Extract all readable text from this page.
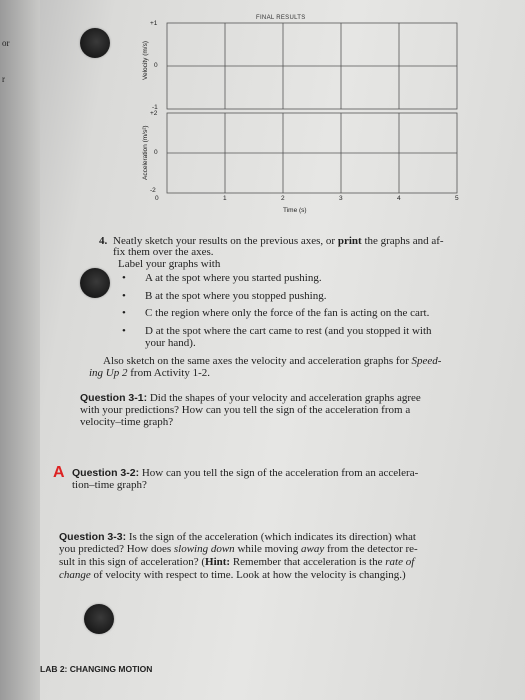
or
r
FINAL RESULTS
Velocity (m/s)
+1
0
-1
Acceleration (m/s²)
+2
0
-2
0	1	2	3	4	5
Time (s)
4. Neatly sketch your results on the previous axes, or print the graphs and af-
fix them over the axes.
Label your graphs with
• A at the spot where you started pushing.
• B at the spot where you stopped pushing.
• C the region where only the force of the fan is acting on the cart.
• D at the spot where the cart came to rest (and you stopped it with
your hand).
Also sketch on the same axes the velocity and acceleration graphs for Speed-
ing Up 2 from Activity 1-2.
Question 3-1: Did the shapes of your velocity and acceleration graphs agree
with your predictions? How can you tell the sign of the acceleration from a
velocity–time graph?
A Question 3-2: How can you tell the sign of the acceleration from an accelera-
tion–time graph?
Question 3-3: Is the sign of the acceleration (which indicates its direction) what
you predicted? How does slowing down while moving away from the detector re-
sult in this sign of acceleration? (Hint: Remember that acceleration is the rate of
change of velocity with respect to time. Look at how the velocity is changing.)
LAB 2: CHANGING MOTION
